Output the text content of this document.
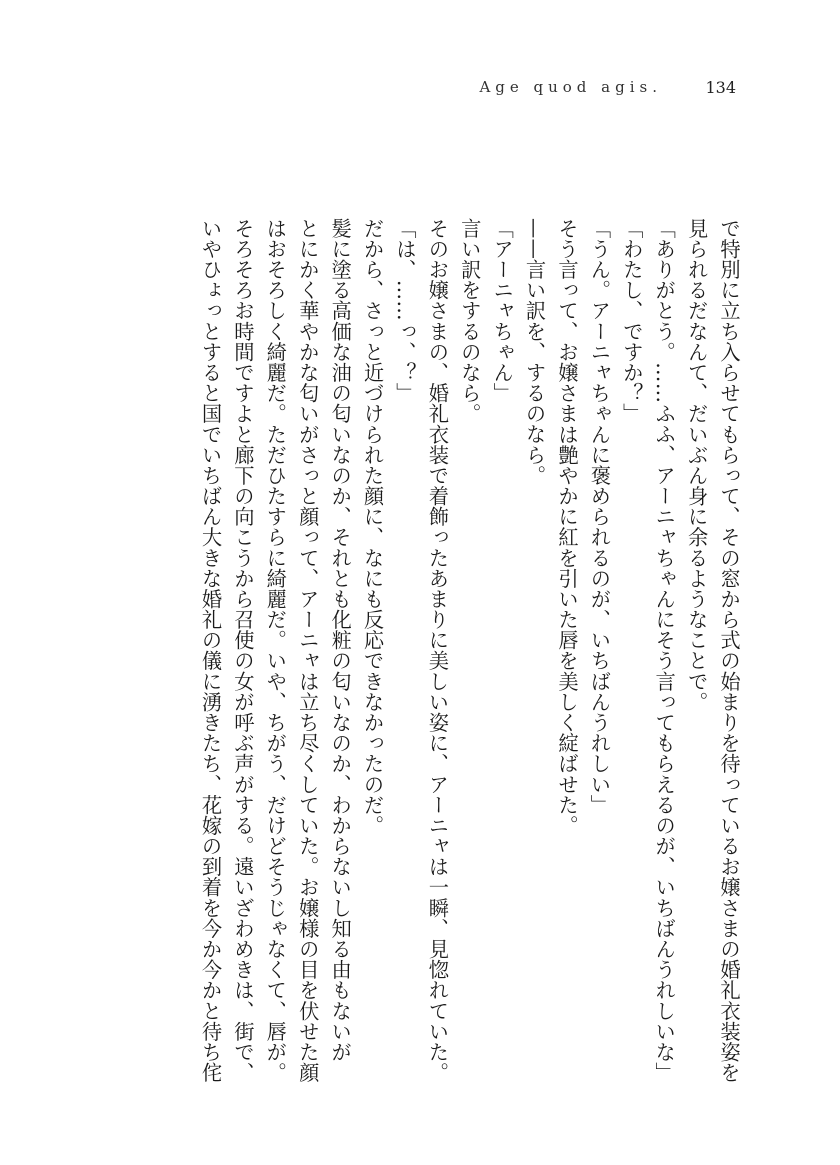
Age quod agis.	134

で特別に立ち入らせてもらって、その窓から式の始まりを待っているお嬢さまの婚礼衣装姿を

見られるだなんて、だいぶん身に余るようなことで。

「ありがとう。……ふふ、アーニャちゃんにそう言ってもらえるのが、いちばんうれしいな」

「わたし、ですか？」

「うん。アーニャちゃんに褒められるのが、いちばんうれしい」

そう言って、お嬢さまは艶やかに紅を引いた唇を美しく綻ばせた。

——言い訳を、するのなら。

「アーニャちゃん」

言い訳をするのなら。

そのお嬢さまの、婚礼衣装で着飾ったあまりに美しい姿に、アーニャは一瞬、見惚れていた。

「は、……っ、？」

だから、さっと近づけられた顔に、なにも反応できなかったのだ。

髪に塗る高価な油の匂いなのか、それとも化粧の匂いなのか、わからないし知る由もないが

とにかく華やかな匂いがさっと顔って、アーニャは立ち尽くしていた。お嬢様の目を伏せた顔

はおそろしく綺麗だ。ただひたすらに綺麗だ。いや、ちがう、だけどそうじゃなくて、唇が。

そろそろお時間ですよと廊下の向こうから召使の女が呼ぶ声がする。遠いざわめきは、街で、

いやひょっとすると国でいちばん大きな婚礼の儀に湧きたち、花嫁の到着を今か今かと待ち侘
